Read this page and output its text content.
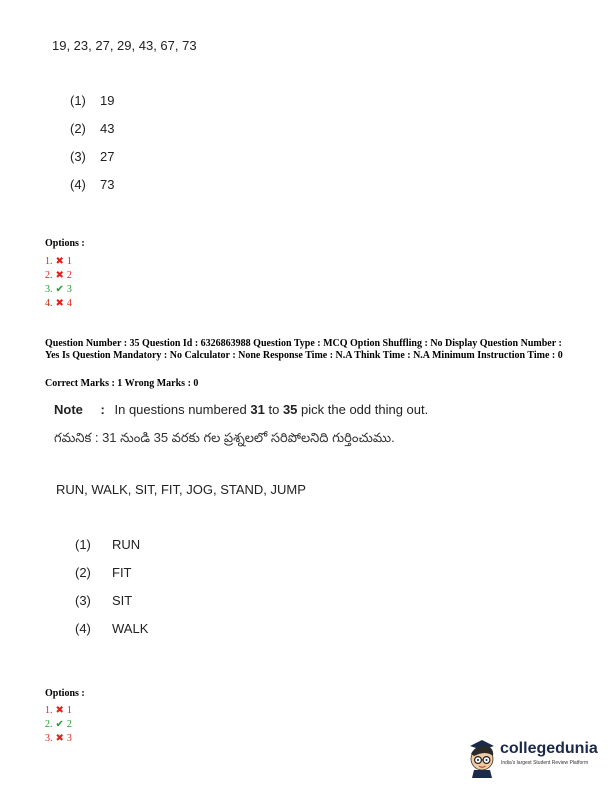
19, 23, 27, 29, 43, 67, 73
(1)	19
(2)	43
(3)	27
(4)	73
Options :
1. ✖ 1
2. ✖ 2
3. ✔ 3
4. ✖ 4
Question Number : 35 Question Id : 6326863988 Question Type : MCQ Option Shuffling : No Display Question Number : Yes Is Question Mandatory : No Calculator : None Response Time : N.A Think Time : N.A Minimum Instruction Time : 0
Correct Marks : 1 Wrong Marks : 0
Note : In questions numbered 31 to 35 pick the odd thing out.
గమనిక : 31 నుండి 35 వరకు గల ప్రశ్నలలో సరిపోలనిది గుర్తించుము.
RUN, WALK, SIT, FIT, JOG, STAND, JUMP
(1)	RUN
(2)	FIT
(3)	SIT
(4)	WALK
Options :
1. ✖ 1
2. ✔ 2
3. ✖ 3
collegedunia
India's largest Student Review Platform
